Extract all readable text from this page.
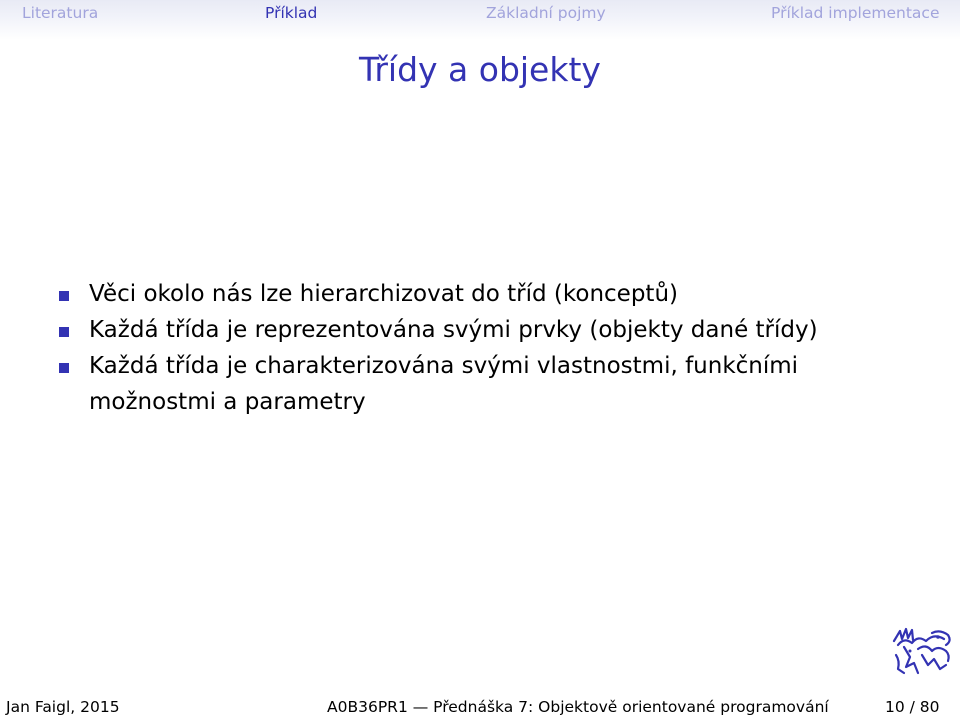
Literatura	Příklad	Základní pojmy	Příklad implementace
Třídy a objekty
Věci okolo nás lze hierarchizovat do tříd (konceptů)
Každá třída je reprezentována svými prvky (objekty dané třídy)
Každá třída je charakterizována svými vlastnostmi, funkčními možnostmi a parametry
Jan Faigl, 2015	A0B36PR1 — Přednáška 7: Objektově orientované programování	10 / 80
